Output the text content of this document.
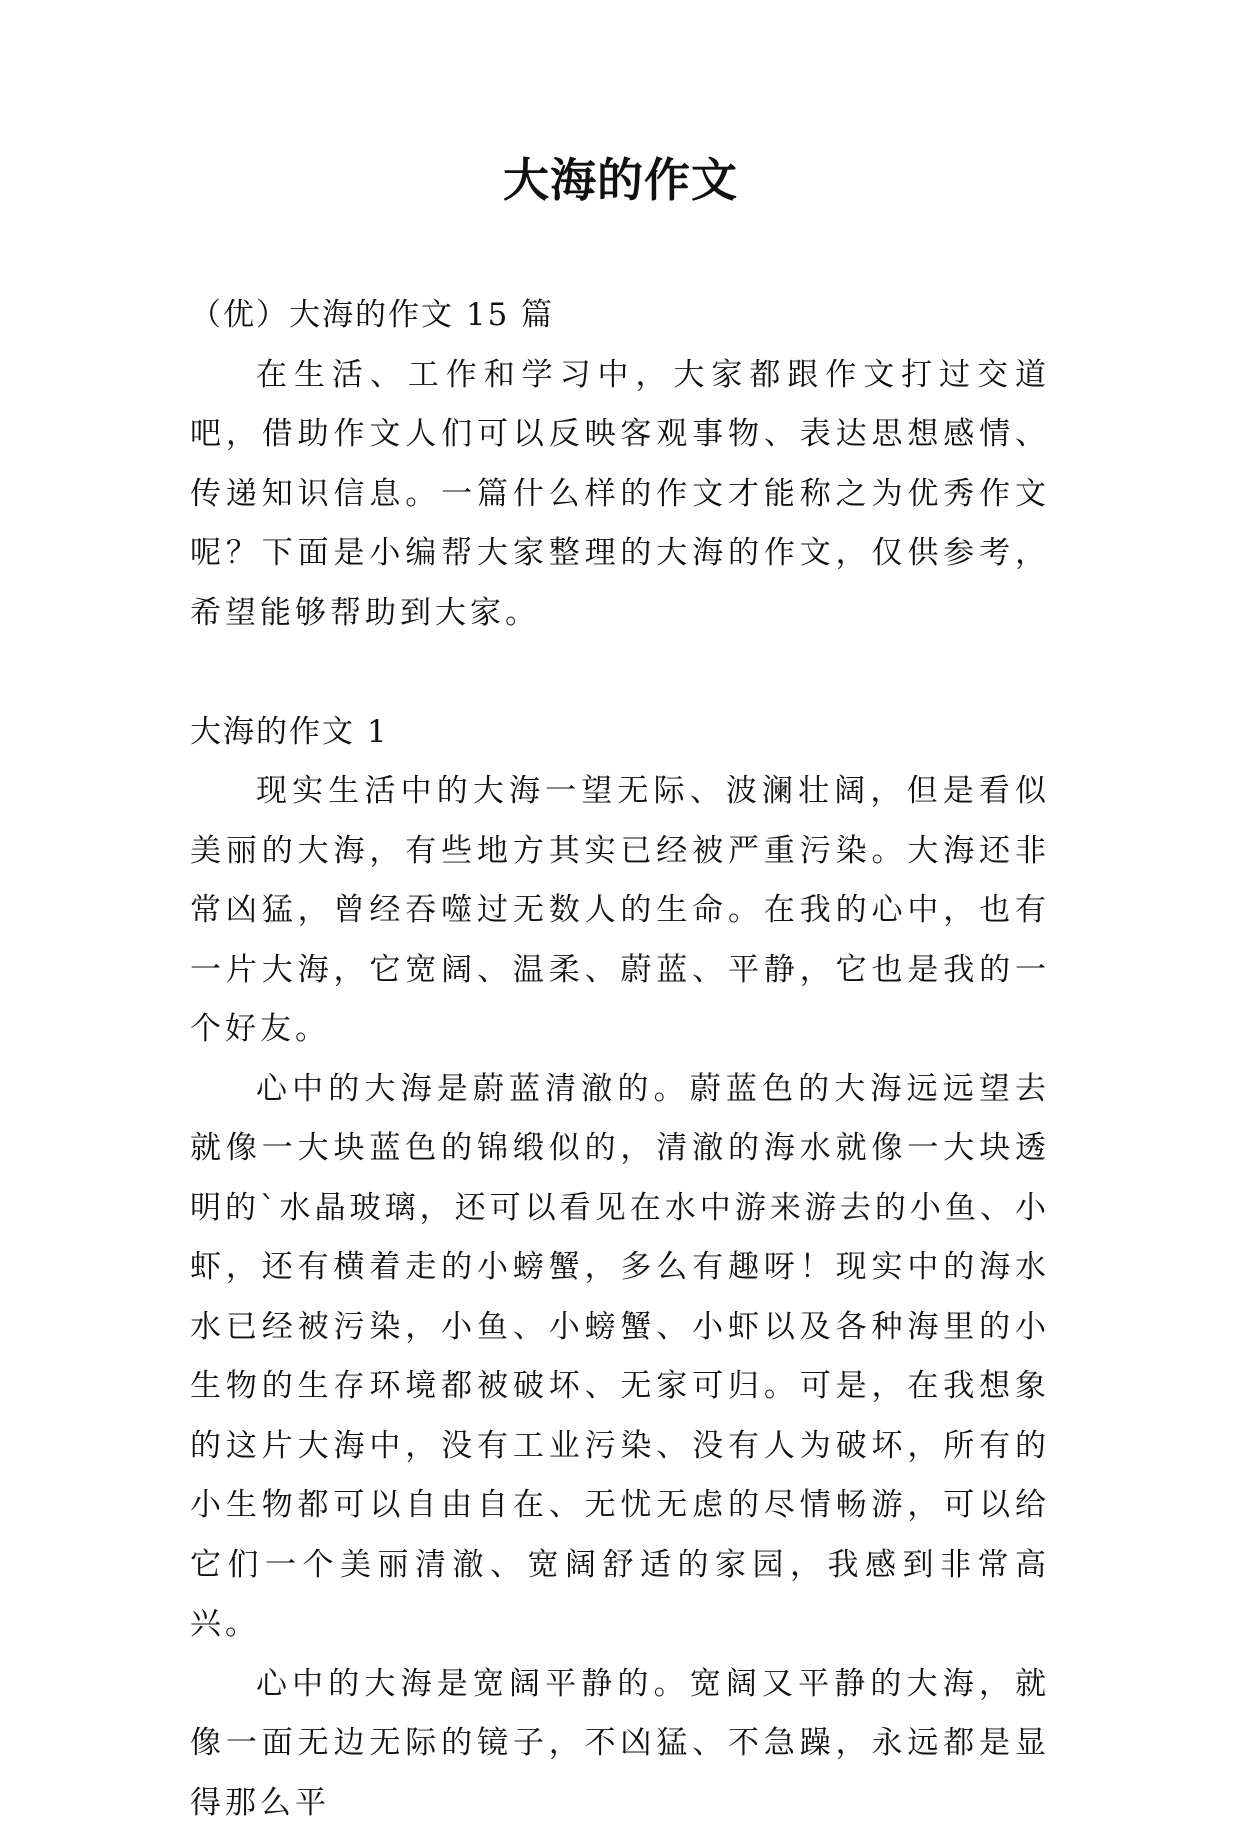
大海的作文

（优）大海的作文 15 篇

在生活、工作和学习中，大家都跟作文打过交道吧，借助作文人们可以反映客观事物、表达思想感情、传递知识信息。一篇什么样的作文才能称之为优秀作文呢？下面是小编帮大家整理的大海的作文，仅供参考，希望能够帮助到大家。

大海的作文 1

现实生活中的大海一望无际、波澜壮阔，但是看似美丽的大海，有些地方其实已经被严重污染。大海还非常凶猛，曾经吞噬过无数人的生命。在我的心中，也有一片大海，它宽阔、温柔、蔚蓝、平静，它也是我的一个好友。

心中的大海是蔚蓝清澈的。蔚蓝色的大海远远望去就像一大块蓝色的锦缎似的，清澈的海水就像一大块透明的`水晶玻璃，还可以看见在水中游来游去的小鱼、小虾，还有横着走的小螃蟹，多么有趣呀！现实中的海水水已经被污染，小鱼、小螃蟹、小虾以及各种海里的小生物的生存环境都被破坏、无家可归。可是，在我想象的这片大海中，没有工业污染、没有人为破坏，所有的小生物都可以自由自在、无忧无虑的尽情畅游，可以给它们一个美丽清澈、宽阔舒适的家园，我感到非常高兴。

心中的大海是宽阔平静的。宽阔又平静的大海，就像一面无边无际的镜子，不凶猛、不急躁，永远都是显得那么平
